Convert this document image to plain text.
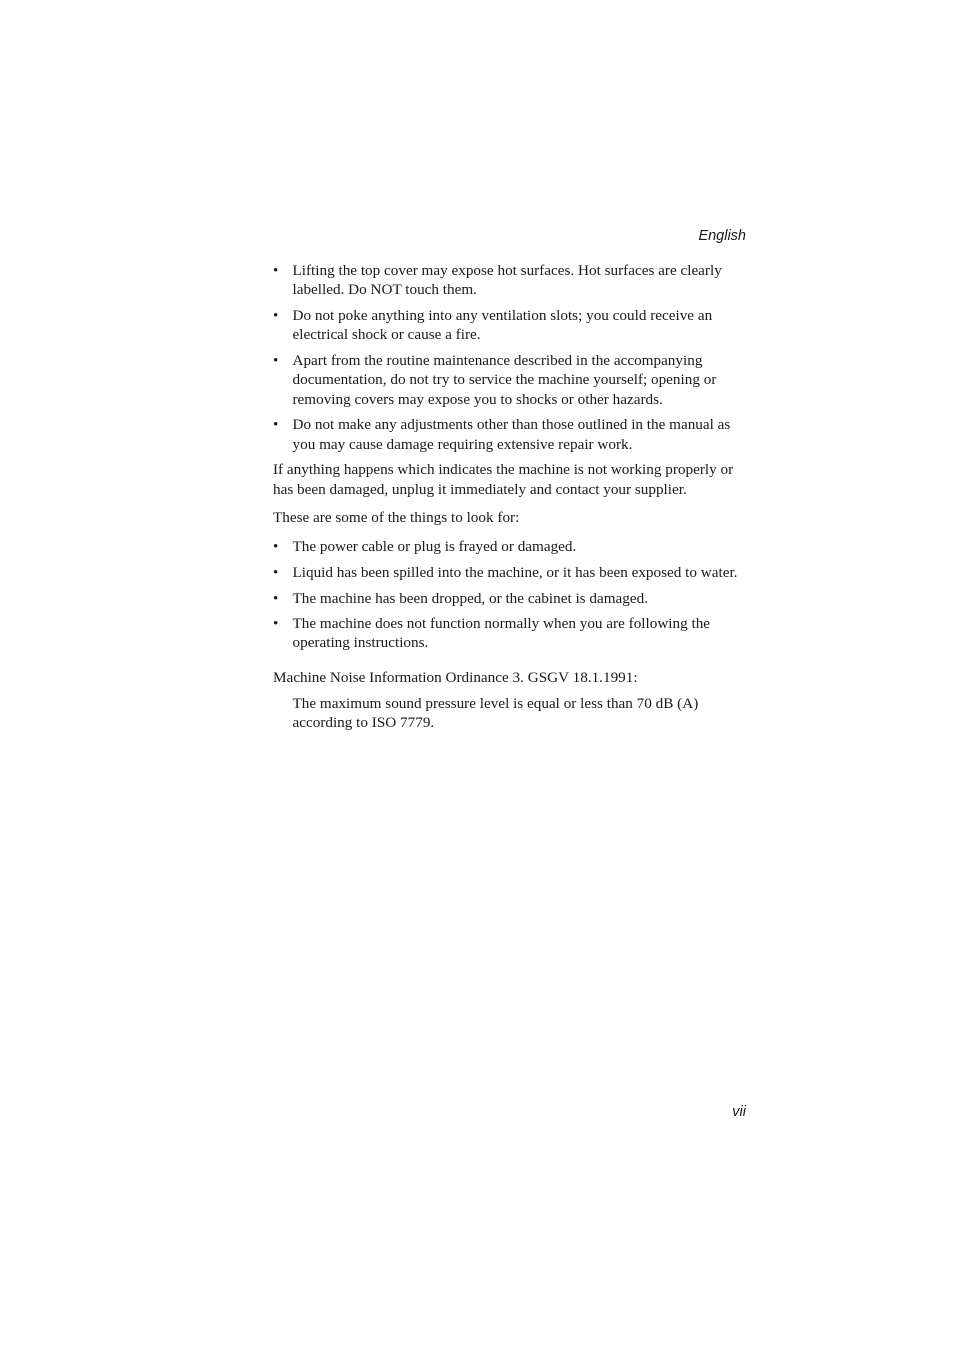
English
• Lifting the top cover may expose hot surfaces. Hot surfaces are clearly labelled. Do NOT touch them.
• Do not poke anything into any ventilation slots; you could receive an electrical shock or cause a fire.
• Apart from the routine maintenance described in the accompanying documentation, do not try to service the machine yourself; opening or removing covers may expose you to shocks or other hazards.
• Do not make any adjustments other than those outlined in the manual as you may cause damage requiring extensive repair work.

If anything happens which indicates the machine is not working properly or has been damaged, unplug it immediately and contact your supplier.

These are some of the things to look for:

• The power cable or plug is frayed or damaged.
• Liquid has been spilled into the machine, or it has been exposed to water.
• The machine has been dropped, or the cabinet is damaged.
• The machine does not function normally when you are following the operating instructions.

Machine Noise Information Ordinance 3. GSGV 18.1.1991:

The maximum sound pressure level is equal or less than 70 dB (A) according to ISO 7779.

vii
